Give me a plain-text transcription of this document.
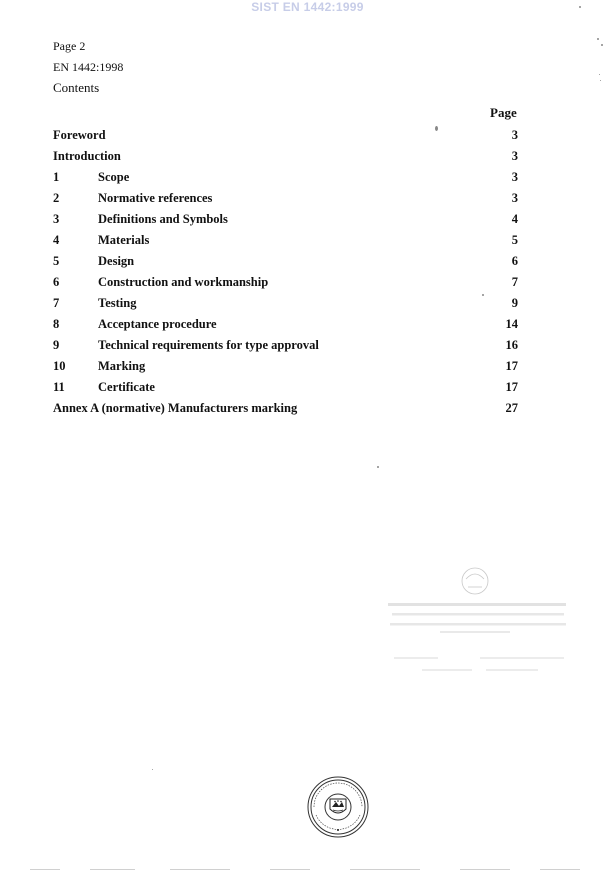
SIST EN 1442:1999
Page 2
EN 1442:1998
Contents
Page
Foreword	3
Introduction	3
1	Scope	3
2	Normative references	3
3	Definitions and Symbols	4
4	Materials	5
5	Design	6
6	Construction and workmanship	7
7	Testing	9
8	Acceptance procedure	14
9	Technical requirements for type approval	16
10	Marking	17
11	Certificate	17
Annex A (normative) Manufacturers marking	27
